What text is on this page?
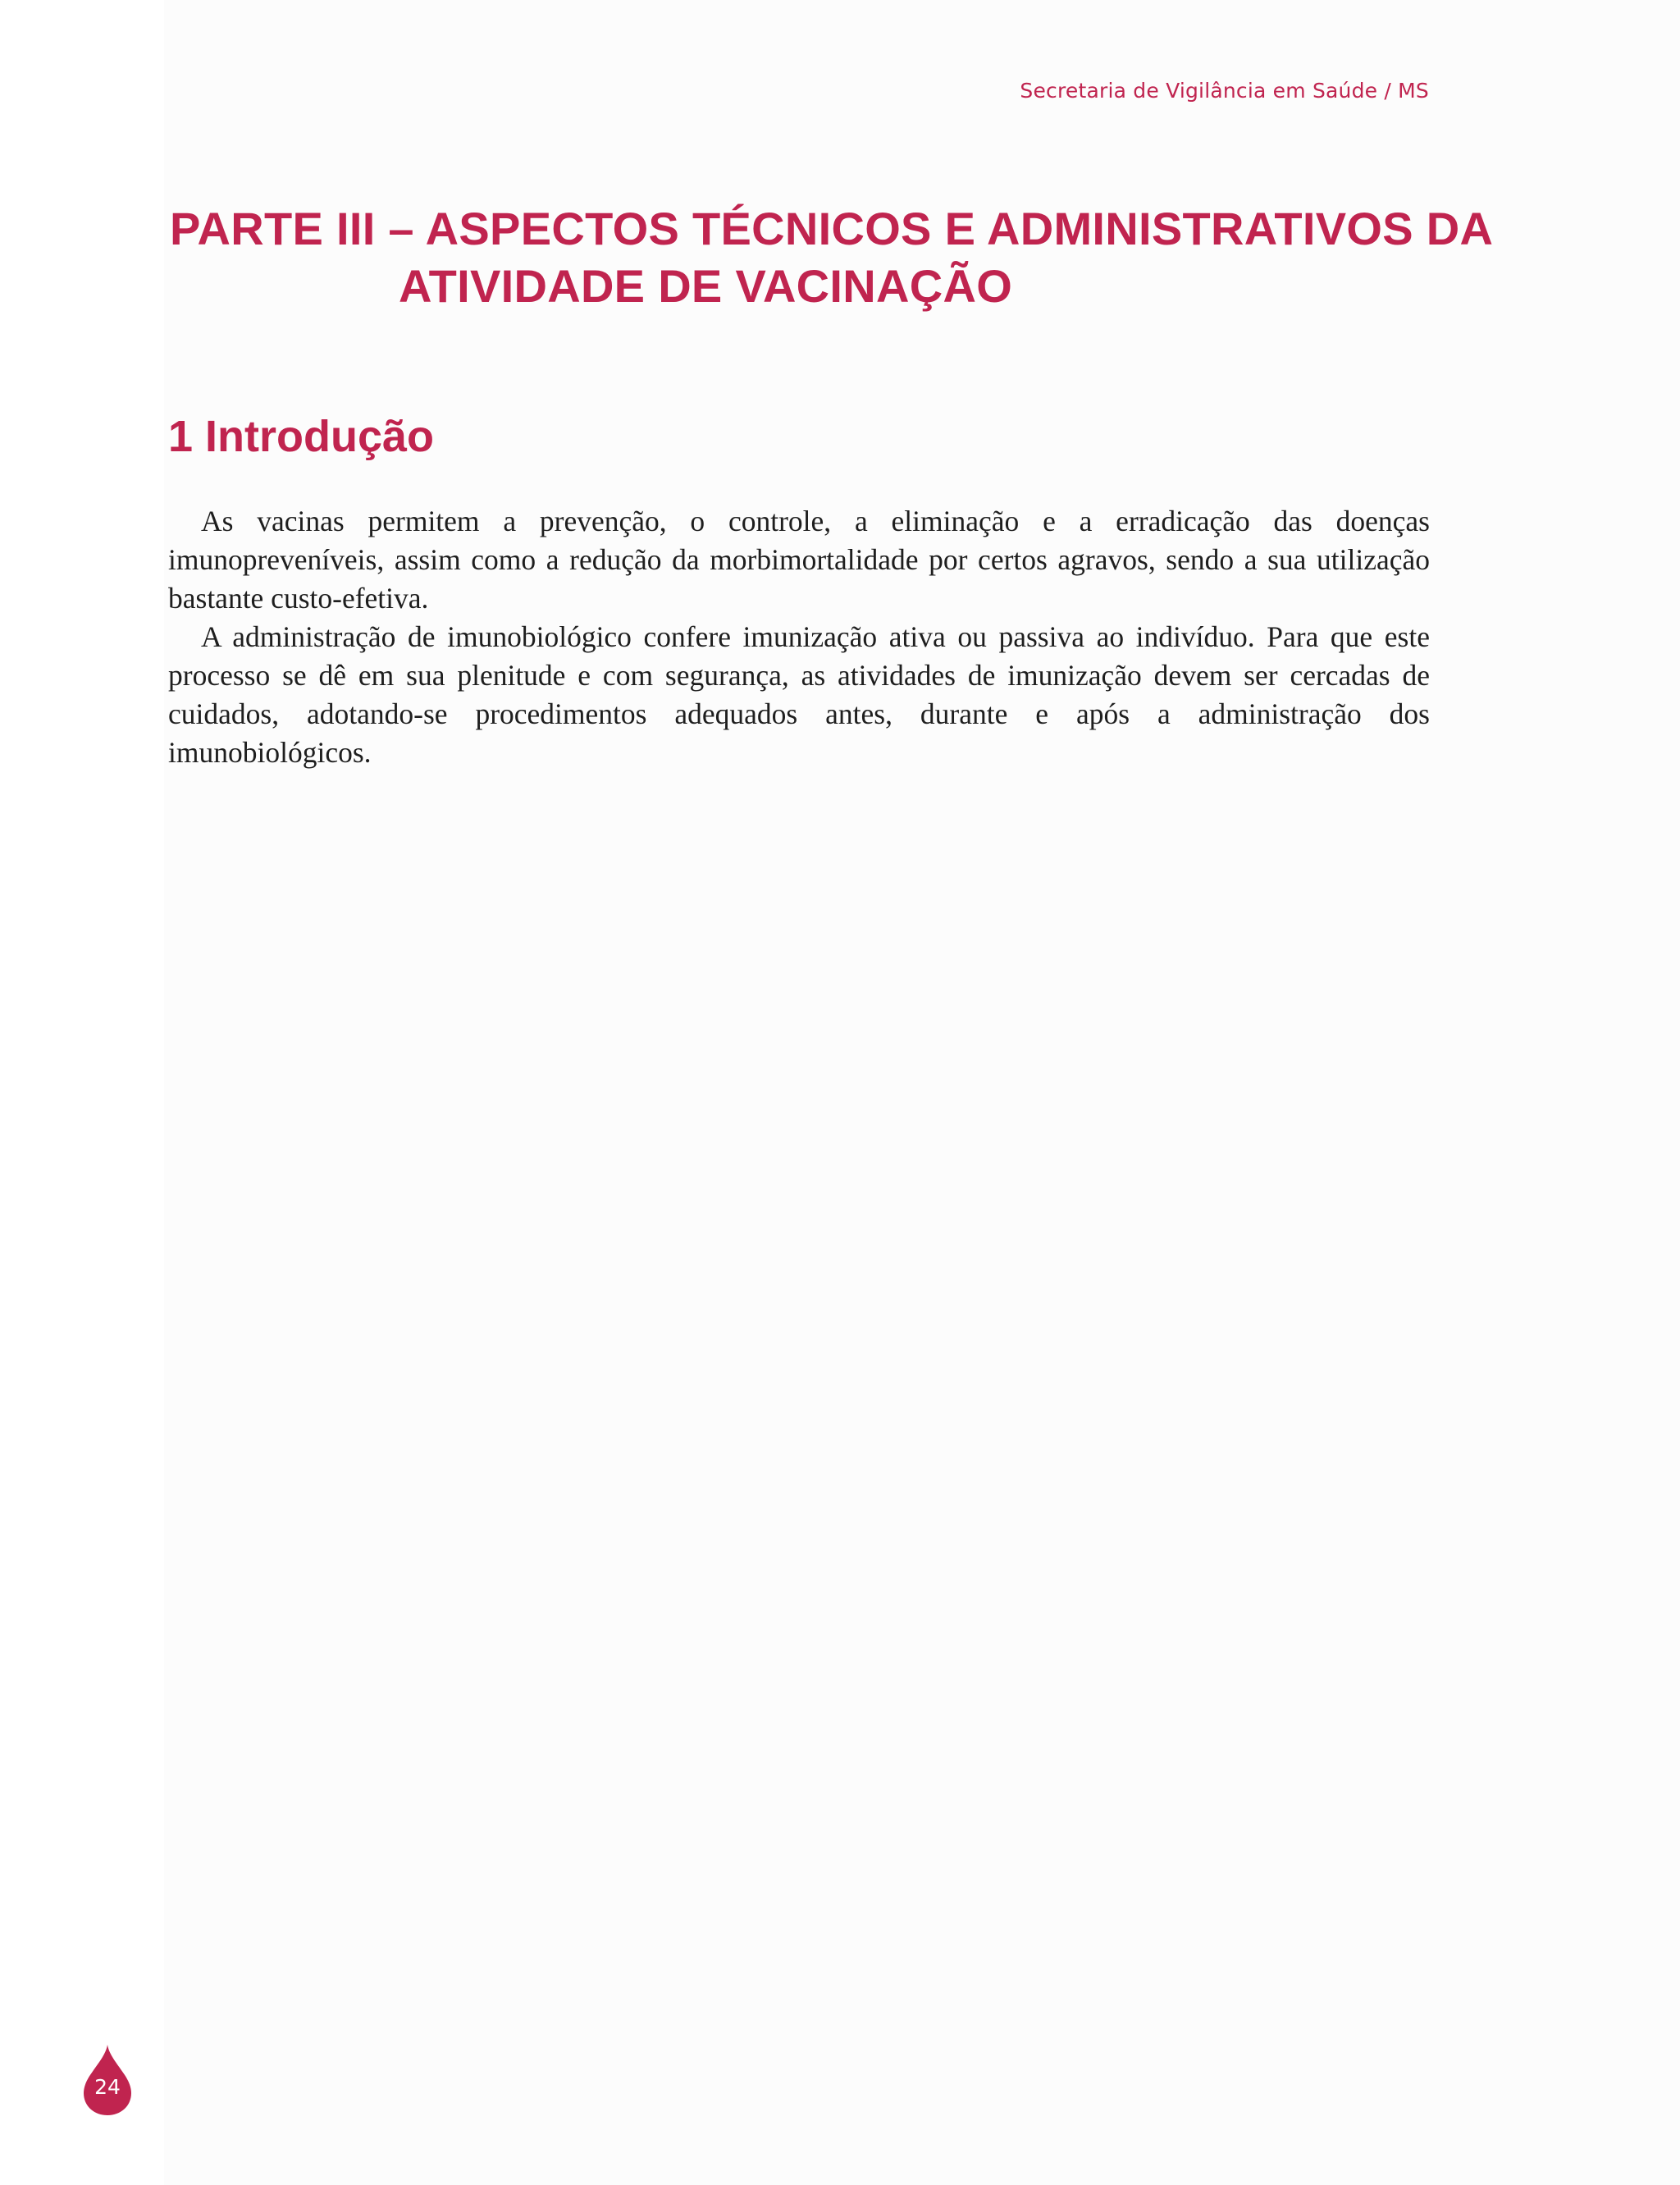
Secretaria de Vigilância em Saúde / MS
PARTE III – ASPECTOS TÉCNICOS E ADMINISTRATIVOS DA
ATIVIDADE DE VACINAÇÃO
1 Introdução

As vacinas permitem a prevenção, o controle, a eliminação e a erradicação das doenças imunopreveníveis, assim como a redução da morbimortalidade por certos agravos, sendo a sua utilização bastante custo-efetiva.

A administração de imunobiológico confere imunização ativa ou passiva ao indivíduo. Para que este processo se dê em sua plenitude e com segurança, as atividades de imunização devem ser cercadas de cuidados, adotando-se procedimentos adequados antes, durante e após a administração dos imunobiológicos.

24
